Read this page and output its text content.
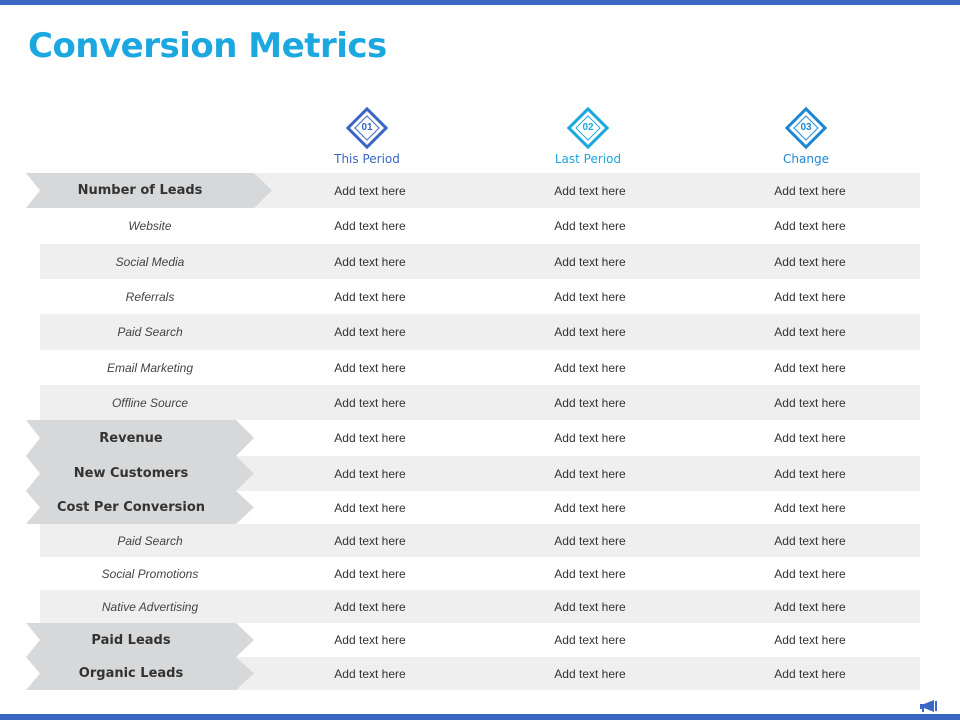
Conversion Metrics
01
This Period
02
Last Period
03
Change
Number of Leads	Add text here	Add text here	Add text here
Website	Add text here	Add text here	Add text here
Social Media	Add text here	Add text here	Add text here
Referrals	Add text here	Add text here	Add text here
Paid Search	Add text here	Add text here	Add text here
Email Marketing	Add text here	Add text here	Add text here
Offline Source	Add text here	Add text here	Add text here
Revenue	Add text here	Add text here	Add text here
New Customers	Add text here	Add text here	Add text here
Cost Per Conversion	Add text here	Add text here	Add text here
Paid Search	Add text here	Add text here	Add text here
Social Promotions	Add text here	Add text here	Add text here
Native Advertising	Add text here	Add text here	Add text here
Paid Leads	Add text here	Add text here	Add text here
Organic Leads	Add text here	Add text here	Add text here
